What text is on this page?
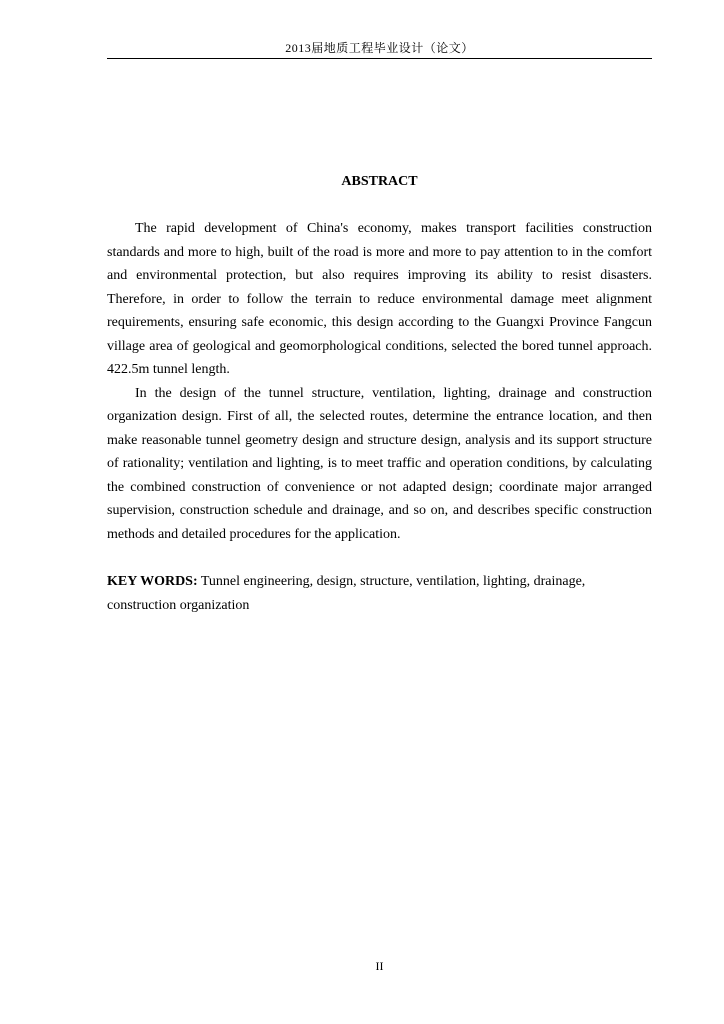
2013届地质工程毕业设计（论文）
ABSTRACT

The rapid development of China's economy, makes transport facilities construction standards and more to high, built of the road is more and more to pay attention to in the comfort and environmental protection, but also requires improving its ability to resist disasters. Therefore, in order to follow the terrain to reduce environmental damage meet alignment requirements, ensuring safe economic, this design according to the Guangxi Province Fangcun village area of geological and geomorphological conditions, selected the bored tunnel approach. 422.5m tunnel length.

In the design of the tunnel structure, ventilation, lighting, drainage and construction organization design. First of all, the selected routes, determine the entrance location, and then make reasonable tunnel geometry design and structure design, analysis and its support structure of rationality; ventilation and lighting, is to meet traffic and operation conditions, by calculating the combined construction of convenience or not adapted design; coordinate major arranged supervision, construction schedule and drainage, and so on, and describes specific construction methods and detailed procedures for the application.

KEY WORDS: Tunnel engineering, design, structure, ventilation, lighting, drainage, construction organization
II
